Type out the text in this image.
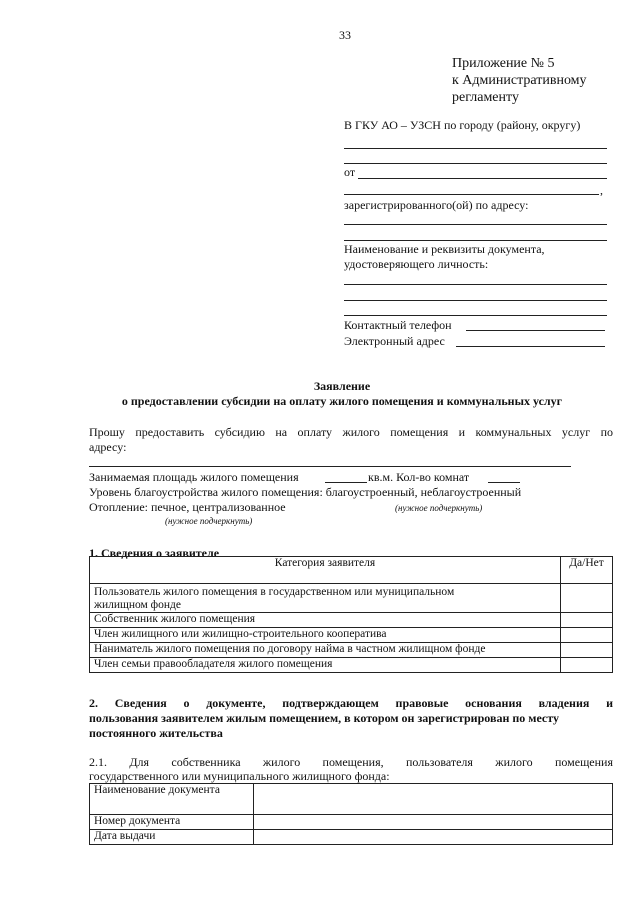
33
Приложение № 5
к Административному
регламенту
В ГКУ АО – УЗСН по городу (району, округу)
от
,
зарегистрированного(ой) по адресу:
Наименование и реквизиты документа,
удостоверяющего личность:
Контактный телефон
Электронный адрес
Заявление
о предоставлении субсидии на оплату жилого помещения и коммунальных услуг
Прошу предоставить субсидию на оплату жилого помещения и коммунальных услуг по
адресу:
Занимаемая площадь жилого помещения	кв.м. Кол-во комнат
Уровень благоустройства жилого помещения: благоустроенный, неблагоустроенный
Отопление: печное, централизованное	(нужное подчеркнуть)
(нужное подчеркнуть)
1. Сведения о заявителе
Категория заявителя	Да/Нет

Пользователь жилого помещения в государственном или муниципальном
жилищном фонде	

Собственник жилого помещения	
Член жилищного или жилищно-строительного кооператива	
Наниматель жилого помещения по договору найма в частном жилищном фонде	
Член семьи правообладателя жилого помещения	
2. Сведения о документе, подтверждающем правовые основания владения и
пользования заявителем жилым помещением, в котором он зарегистрирован по месту
постоянного жительства
2.1. Для собственника жилого помещения, пользователя жилого помещения
государственного или муниципального жилищного фонда:
Наименование документа	
Номер документа	
Дата выдачи	
